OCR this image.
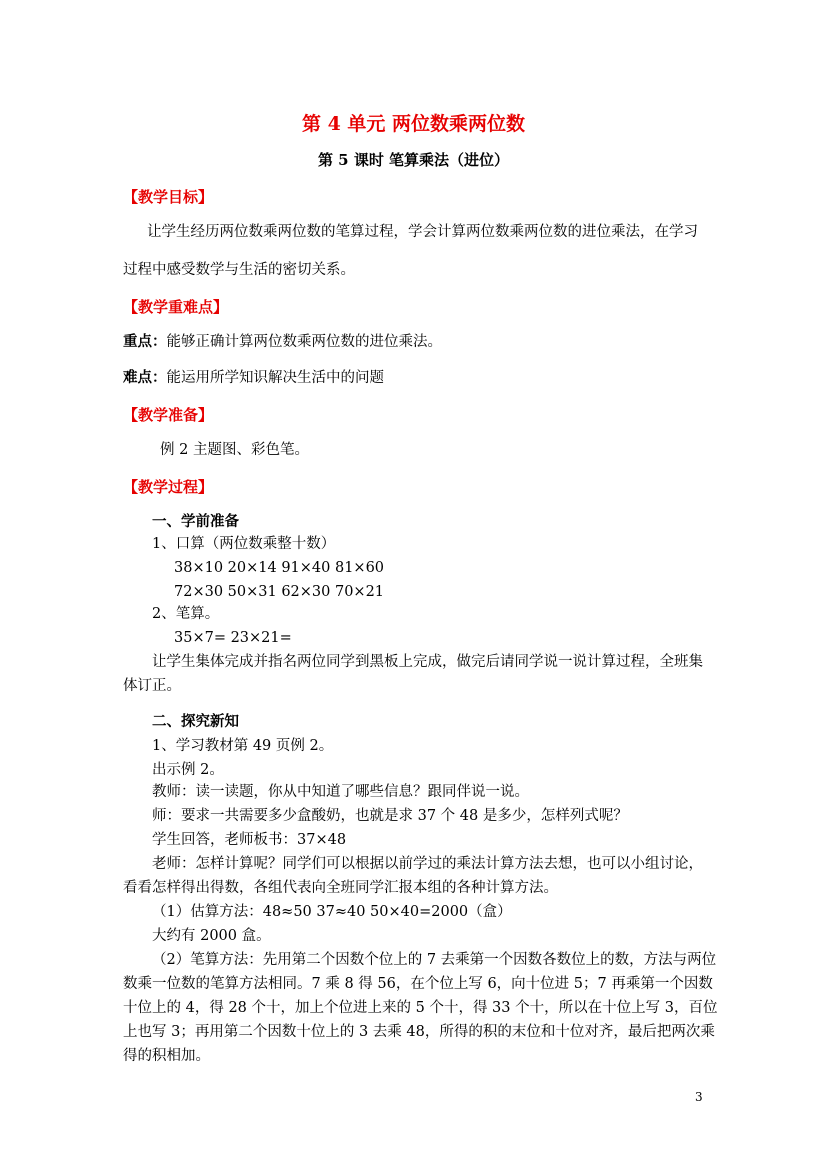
第 4 单元 两位数乘两位数
第 5 课时 笔算乘法（进位）
【教学目标】
让学生经历两位数乘两位数的笔算过程，学会计算两位数乘两位数的进位乘法，在学习
过程中感受数学与生活的密切关系。
【教学重难点】
重点：能够正确计算两位数乘两位数的进位乘法。
难点：能运用所学知识解决生活中的问题
【教学准备】
例 2 主题图、彩色笔。
【教学过程】
一、学前准备
1、口算（两位数乘整十数）
38×10 20×14 91×40 81×60
72×30 50×31 62×30 70×21
2、笔算。
35×7= 23×21=
让学生集体完成并指名两位同学到黑板上完成，做完后请同学说一说计算过程，全班集
体订正。
二、探究新知
1、学习教材第 49 页例 2。
出示例 2。
教师：读一读题，你从中知道了哪些信息？跟同伴说一说。
师：要求一共需要多少盒酸奶，也就是求 37 个 48 是多少，怎样列式呢？
学生回答，老师板书：37×48
老师：怎样计算呢？同学们可以根据以前学过的乘法计算方法去想，也可以小组讨论，
看看怎样得出得数，各组代表向全班同学汇报本组的各种计算方法。
（1）估算方法：48≈50 37≈40 50×40=2000（盒）
大约有 2000 盒。
（2）笔算方法：先用第二个因数个位上的 7 去乘第一个因数各数位上的数，方法与两位
数乘一位数的笔算方法相同。7 乘 8 得 56，在个位上写 6，向十位进 5；7 再乘第一个因数
十位上的 4，得 28 个十，加上个位进上来的 5 个十，得 33 个十，所以在十位上写 3，百位
上也写 3；再用第二个因数十位上的 3 去乘 48，所得的积的末位和十位对齐，最后把两次乘
得的积相加。
3
